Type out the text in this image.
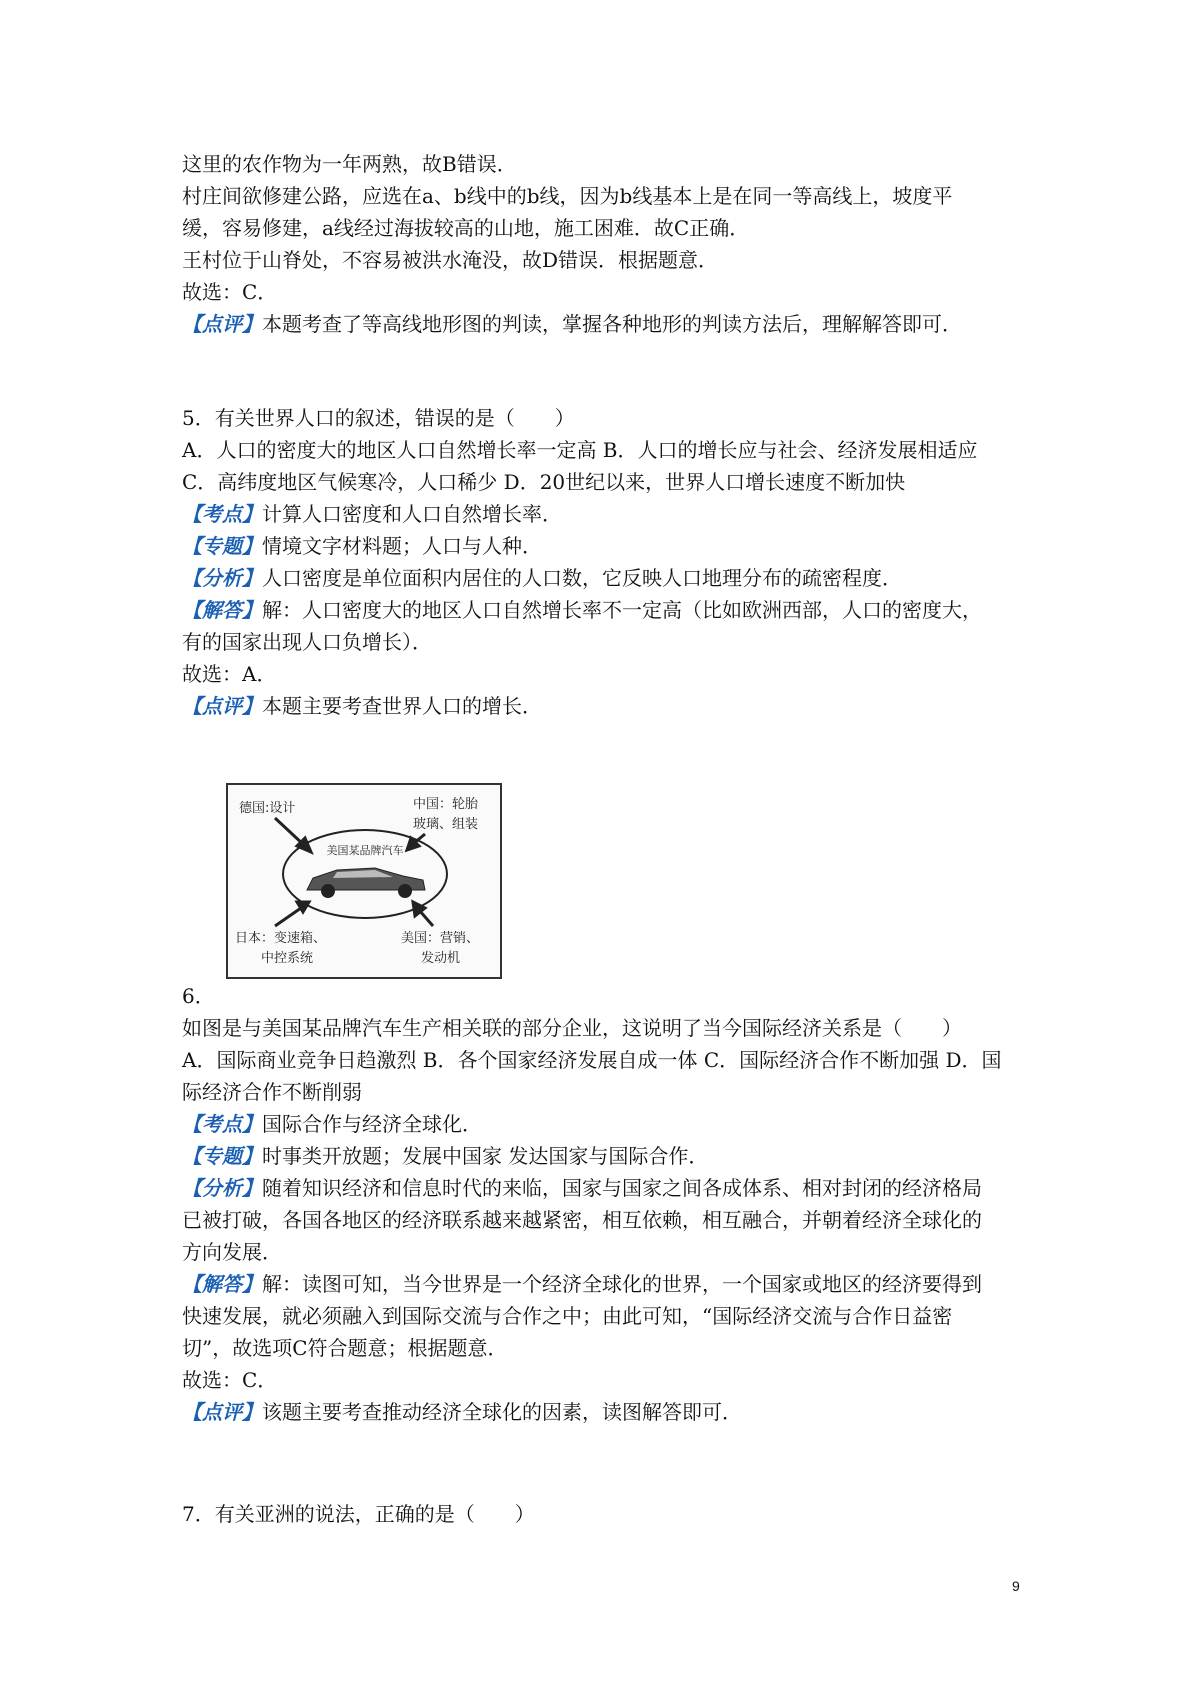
这里的农作物为一年两熟，故B错误．
村庄间欲修建公路，应选在a、b线中的b线，因为b线基本上是在同一等高线上，坡度平
缓，容易修建，a线经过海拔较高的山地，施工困难．故C正确．
王村位于山脊处，不容易被洪水淹没，故D错误．根据题意．
故选：C．
【点评】本题考查了等高线地形图的判读，掌握各种地形的判读方法后，理解解答即可．
5．有关世界人口的叙述，错误的是（　　）
A．人口的密度大的地区人口自然增长率一定高 B．人口的增长应与社会、经济发展相适应
C．高纬度地区气候寒冷，人口稀少 D．20世纪以来，世界人口增长速度不断加快
【考点】计算人口密度和人口自然增长率．
【专题】情境文字材料题；人口与人种．
【分析】人口密度是单位面积内居住的人口数，它反映人口地理分布的疏密程度．
【解答】解：人口密度大的地区人口自然增长率不一定高（比如欧洲西部，人口的密度大，
有的国家出现人口负增长）．
故选：A．
【点评】本题主要考查世界人口的增长．
德国:设计	中国：轮胎
玻璃、组装
日本：变速箱、
中控系统
美国：营销、
发动机
美国某品牌汽车
6．
如图是与美国某品牌汽车生产相关联的部分企业，这说明了当今国际经济关系是（　　）
A．国际商业竞争日趋激烈 B．各个国家经济发展自成一体 C．国际经济合作不断加强 D．国
际经济合作不断削弱
【考点】国际合作与经济全球化．
【专题】时事类开放题；发展中国家 发达国家与国际合作．
【分析】随着知识经济和信息时代的来临，国家与国家之间各成体系、相对封闭的经济格局
已被打破，各国各地区的经济联系越来越紧密，相互依赖，相互融合，并朝着经济全球化的
方向发展．
【解答】解：读图可知，当今世界是一个经济全球化的世界，一个国家或地区的经济要得到
快速发展，就必须融入到国际交流与合作之中；由此可知，“国际经济交流与合作日益密
切”，故选项C符合题意；根据题意．
故选：C．
【点评】该题主要考查推动经济全球化的因素，读图解答即可．
7．有关亚洲的说法，正确的是（　　）
9
